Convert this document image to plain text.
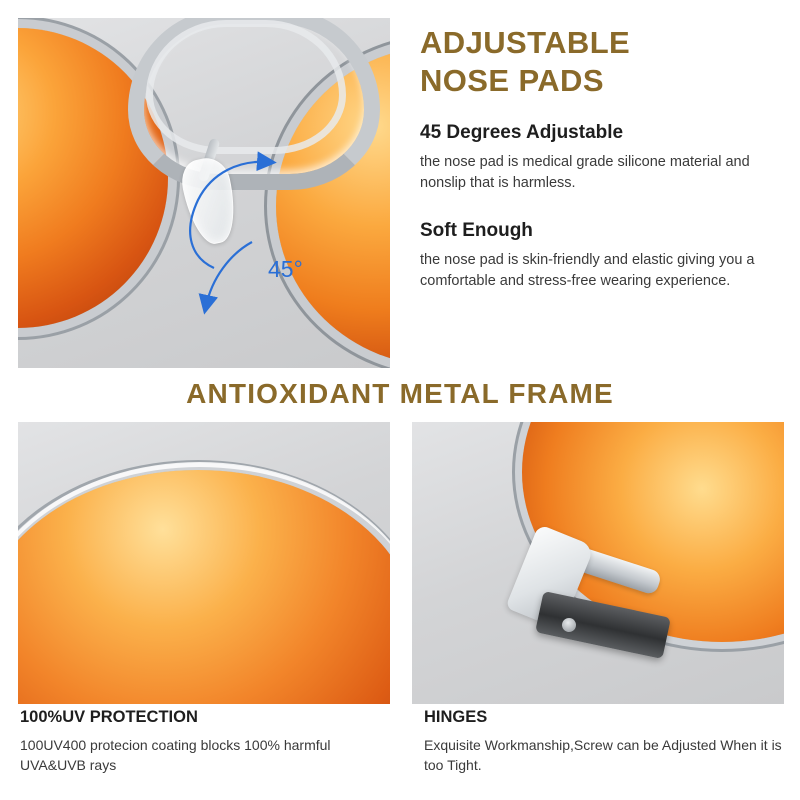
45°
ADJUSTABLE
NOSE PADS
45 Degrees Adjustable
the nose pad is medical grade silicone material and nonslip that is harmless.
Soft Enough
the nose pad is skin-friendly and elastic giving you a comfortable and stress-free wearing experience.
ANTIOXIDANT METAL FRAME
100%UV PROTECTION
100UV400 protecion coating blocks 100% harmful UVA&UVB rays
HINGES
Exquisite Workmanship,Screw can be Adjusted When it is too Tight.
